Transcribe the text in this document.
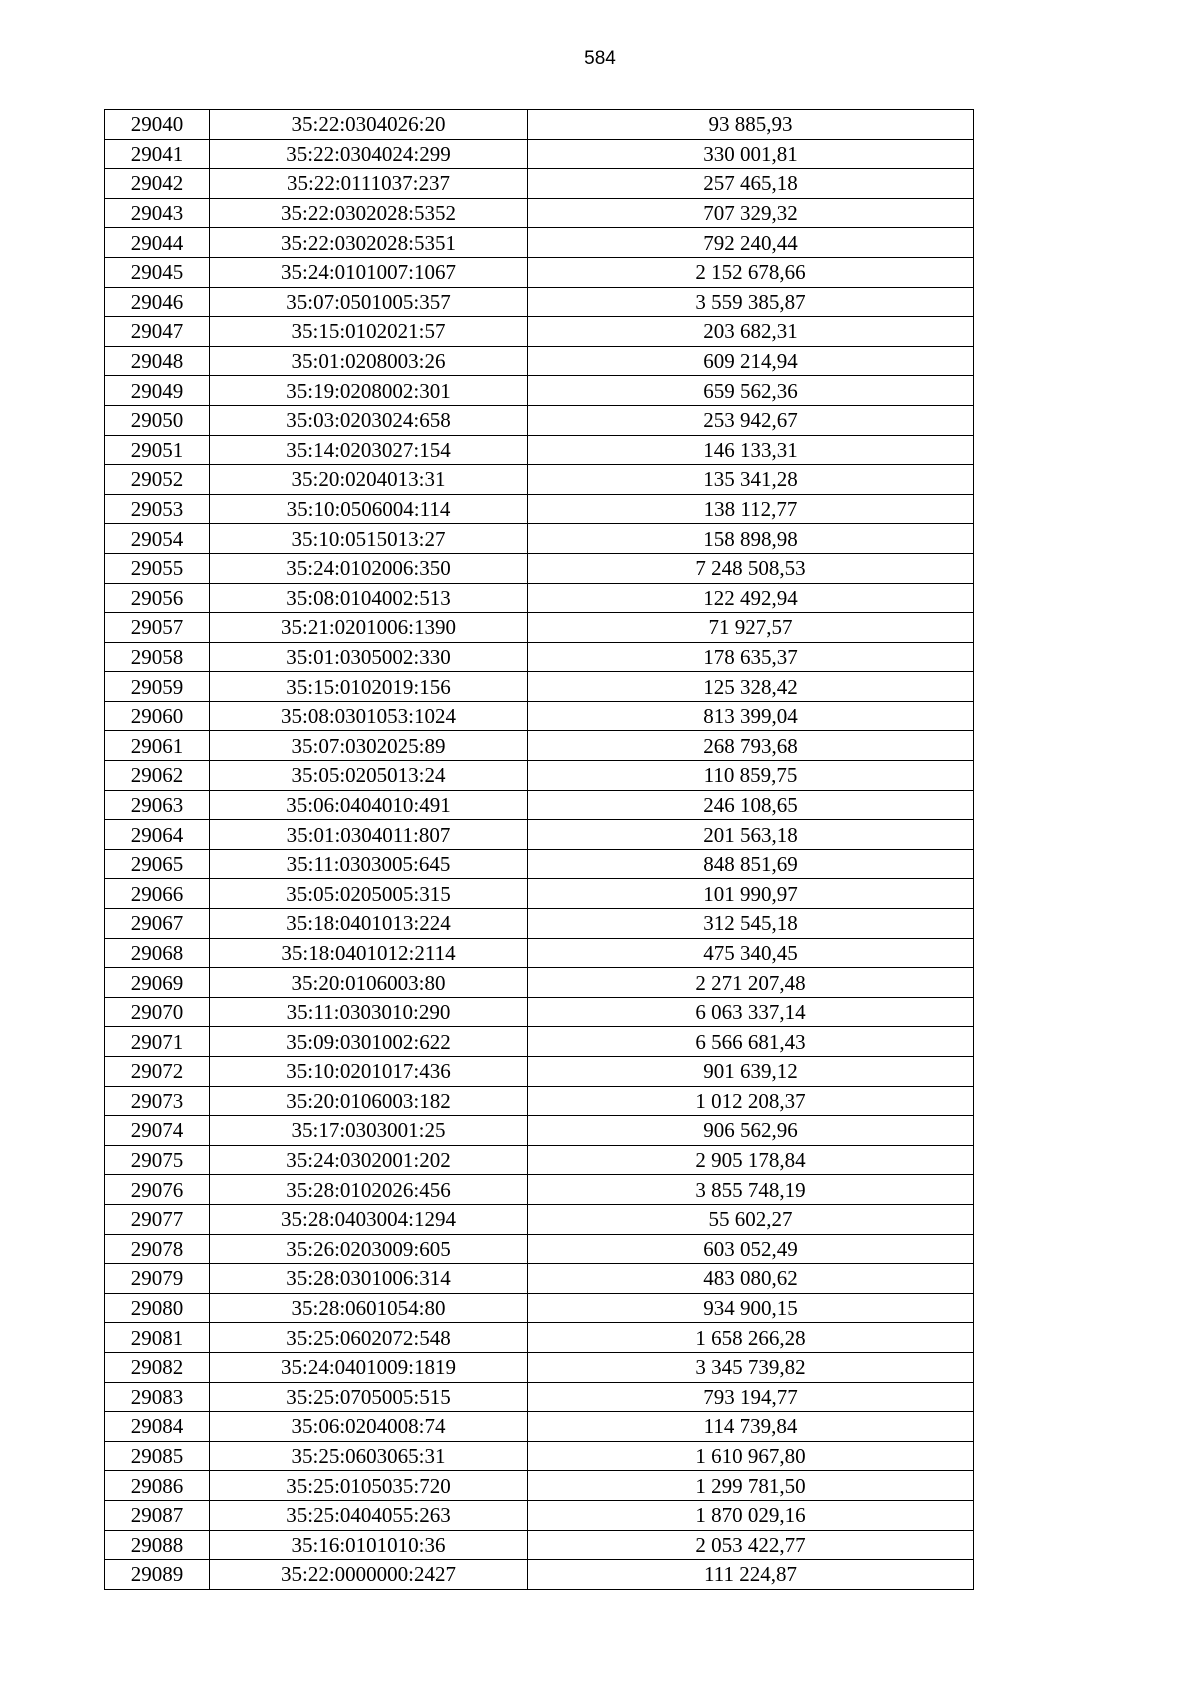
584
29040	35:22:0304026:20	93 885,93
29041	35:22:0304024:299	330 001,81
29042	35:22:0111037:237	257 465,18
29043	35:22:0302028:5352	707 329,32
29044	35:22:0302028:5351	792 240,44
29045	35:24:0101007:1067	2 152 678,66
29046	35:07:0501005:357	3 559 385,87
29047	35:15:0102021:57	203 682,31
29048	35:01:0208003:26	609 214,94
29049	35:19:0208002:301	659 562,36
29050	35:03:0203024:658	253 942,67
29051	35:14:0203027:154	146 133,31
29052	35:20:0204013:31	135 341,28
29053	35:10:0506004:114	138 112,77
29054	35:10:0515013:27	158 898,98
29055	35:24:0102006:350	7 248 508,53
29056	35:08:0104002:513	122 492,94
29057	35:21:0201006:1390	71 927,57
29058	35:01:0305002:330	178 635,37
29059	35:15:0102019:156	125 328,42
29060	35:08:0301053:1024	813 399,04
29061	35:07:0302025:89	268 793,68
29062	35:05:0205013:24	110 859,75
29063	35:06:0404010:491	246 108,65
29064	35:01:0304011:807	201 563,18
29065	35:11:0303005:645	848 851,69
29066	35:05:0205005:315	101 990,97
29067	35:18:0401013:224	312 545,18
29068	35:18:0401012:2114	475 340,45
29069	35:20:0106003:80	2 271 207,48
29070	35:11:0303010:290	6 063 337,14
29071	35:09:0301002:622	6 566 681,43
29072	35:10:0201017:436	901 639,12
29073	35:20:0106003:182	1 012 208,37
29074	35:17:0303001:25	906 562,96
29075	35:24:0302001:202	2 905 178,84
29076	35:28:0102026:456	3 855 748,19
29077	35:28:0403004:1294	55 602,27
29078	35:26:0203009:605	603 052,49
29079	35:28:0301006:314	483 080,62
29080	35:28:0601054:80	934 900,15
29081	35:25:0602072:548	1 658 266,28
29082	35:24:0401009:1819	3 345 739,82
29083	35:25:0705005:515	793 194,77
29084	35:06:0204008:74	114 739,84
29085	35:25:0603065:31	1 610 967,80
29086	35:25:0105035:720	1 299 781,50
29087	35:25:0404055:263	1 870 029,16
29088	35:16:0101010:36	2 053 422,77
29089	35:22:0000000:2427	111 224,87
